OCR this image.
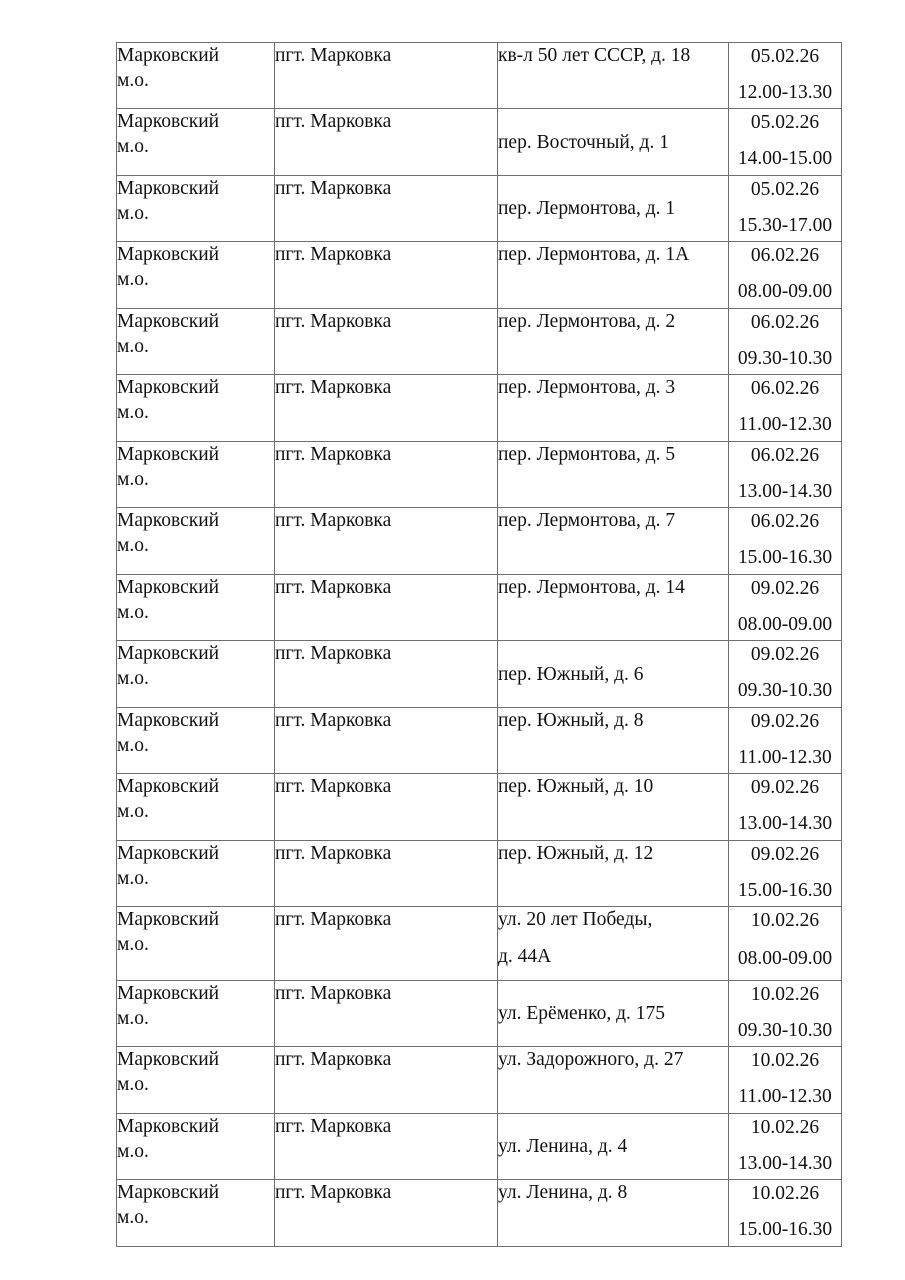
Марковский
м.о.	пгт. Марковка	кв-л 50 лет СССР, д. 18	05.02.26
12.00-13.30

Марковский
м.о.	пгт. Марковка	пер. Восточный, д. 1	05.02.26
14.00-15.00

Марковский
м.о.	пгт. Марковка	пер. Лермонтова, д. 1	05.02.26
15.30-17.00

Марковский
м.о.	пгт. Марковка	пер. Лермонтова, д. 1А	06.02.26
08.00-09.00

Марковский
м.о.	пгт. Марковка	пер. Лермонтова, д. 2	06.02.26
09.30-10.30

Марковский
м.о.	пгт. Марковка	пер. Лермонтова, д. 3	06.02.26
11.00-12.30

Марковский
м.о.	пгт. Марковка	пер. Лермонтова, д. 5	06.02.26
13.00-14.30

Марковский
м.о.	пгт. Марковка	пер. Лермонтова, д. 7	06.02.26
15.00-16.30

Марковский
м.о.	пгт. Марковка	пер. Лермонтова, д. 14	09.02.26
08.00-09.00

Марковский
м.о.	пгт. Марковка	пер. Южный, д. 6	09.02.26
09.30-10.30

Марковский
м.о.	пгт. Марковка	пер. Южный, д. 8	09.02.26
11.00-12.30

Марковский
м.о.	пгт. Марковка	пер. Южный, д. 10	09.02.26
13.00-14.30

Марковский
м.о.	пгт. Марковка	пер. Южный, д. 12	09.02.26
15.00-16.30

Марковский
м.о.	пгт. Марковка	ул. 20 лет Победы,
д. 44А	10.02.26
08.00-09.00

Марковский
м.о.	пгт. Марковка	ул. Ерёменко, д. 175	10.02.26
09.30-10.30

Марковский
м.о.	пгт. Марковка	ул. Задорожного, д. 27	10.02.26
11.00-12.30

Марковский
м.о.	пгт. Марковка	ул. Ленина, д. 4	10.02.26
13.00-14.30

Марковский
м.о.	пгт. Марковка	ул. Ленина, д. 8	10.02.26
15.00-16.30
